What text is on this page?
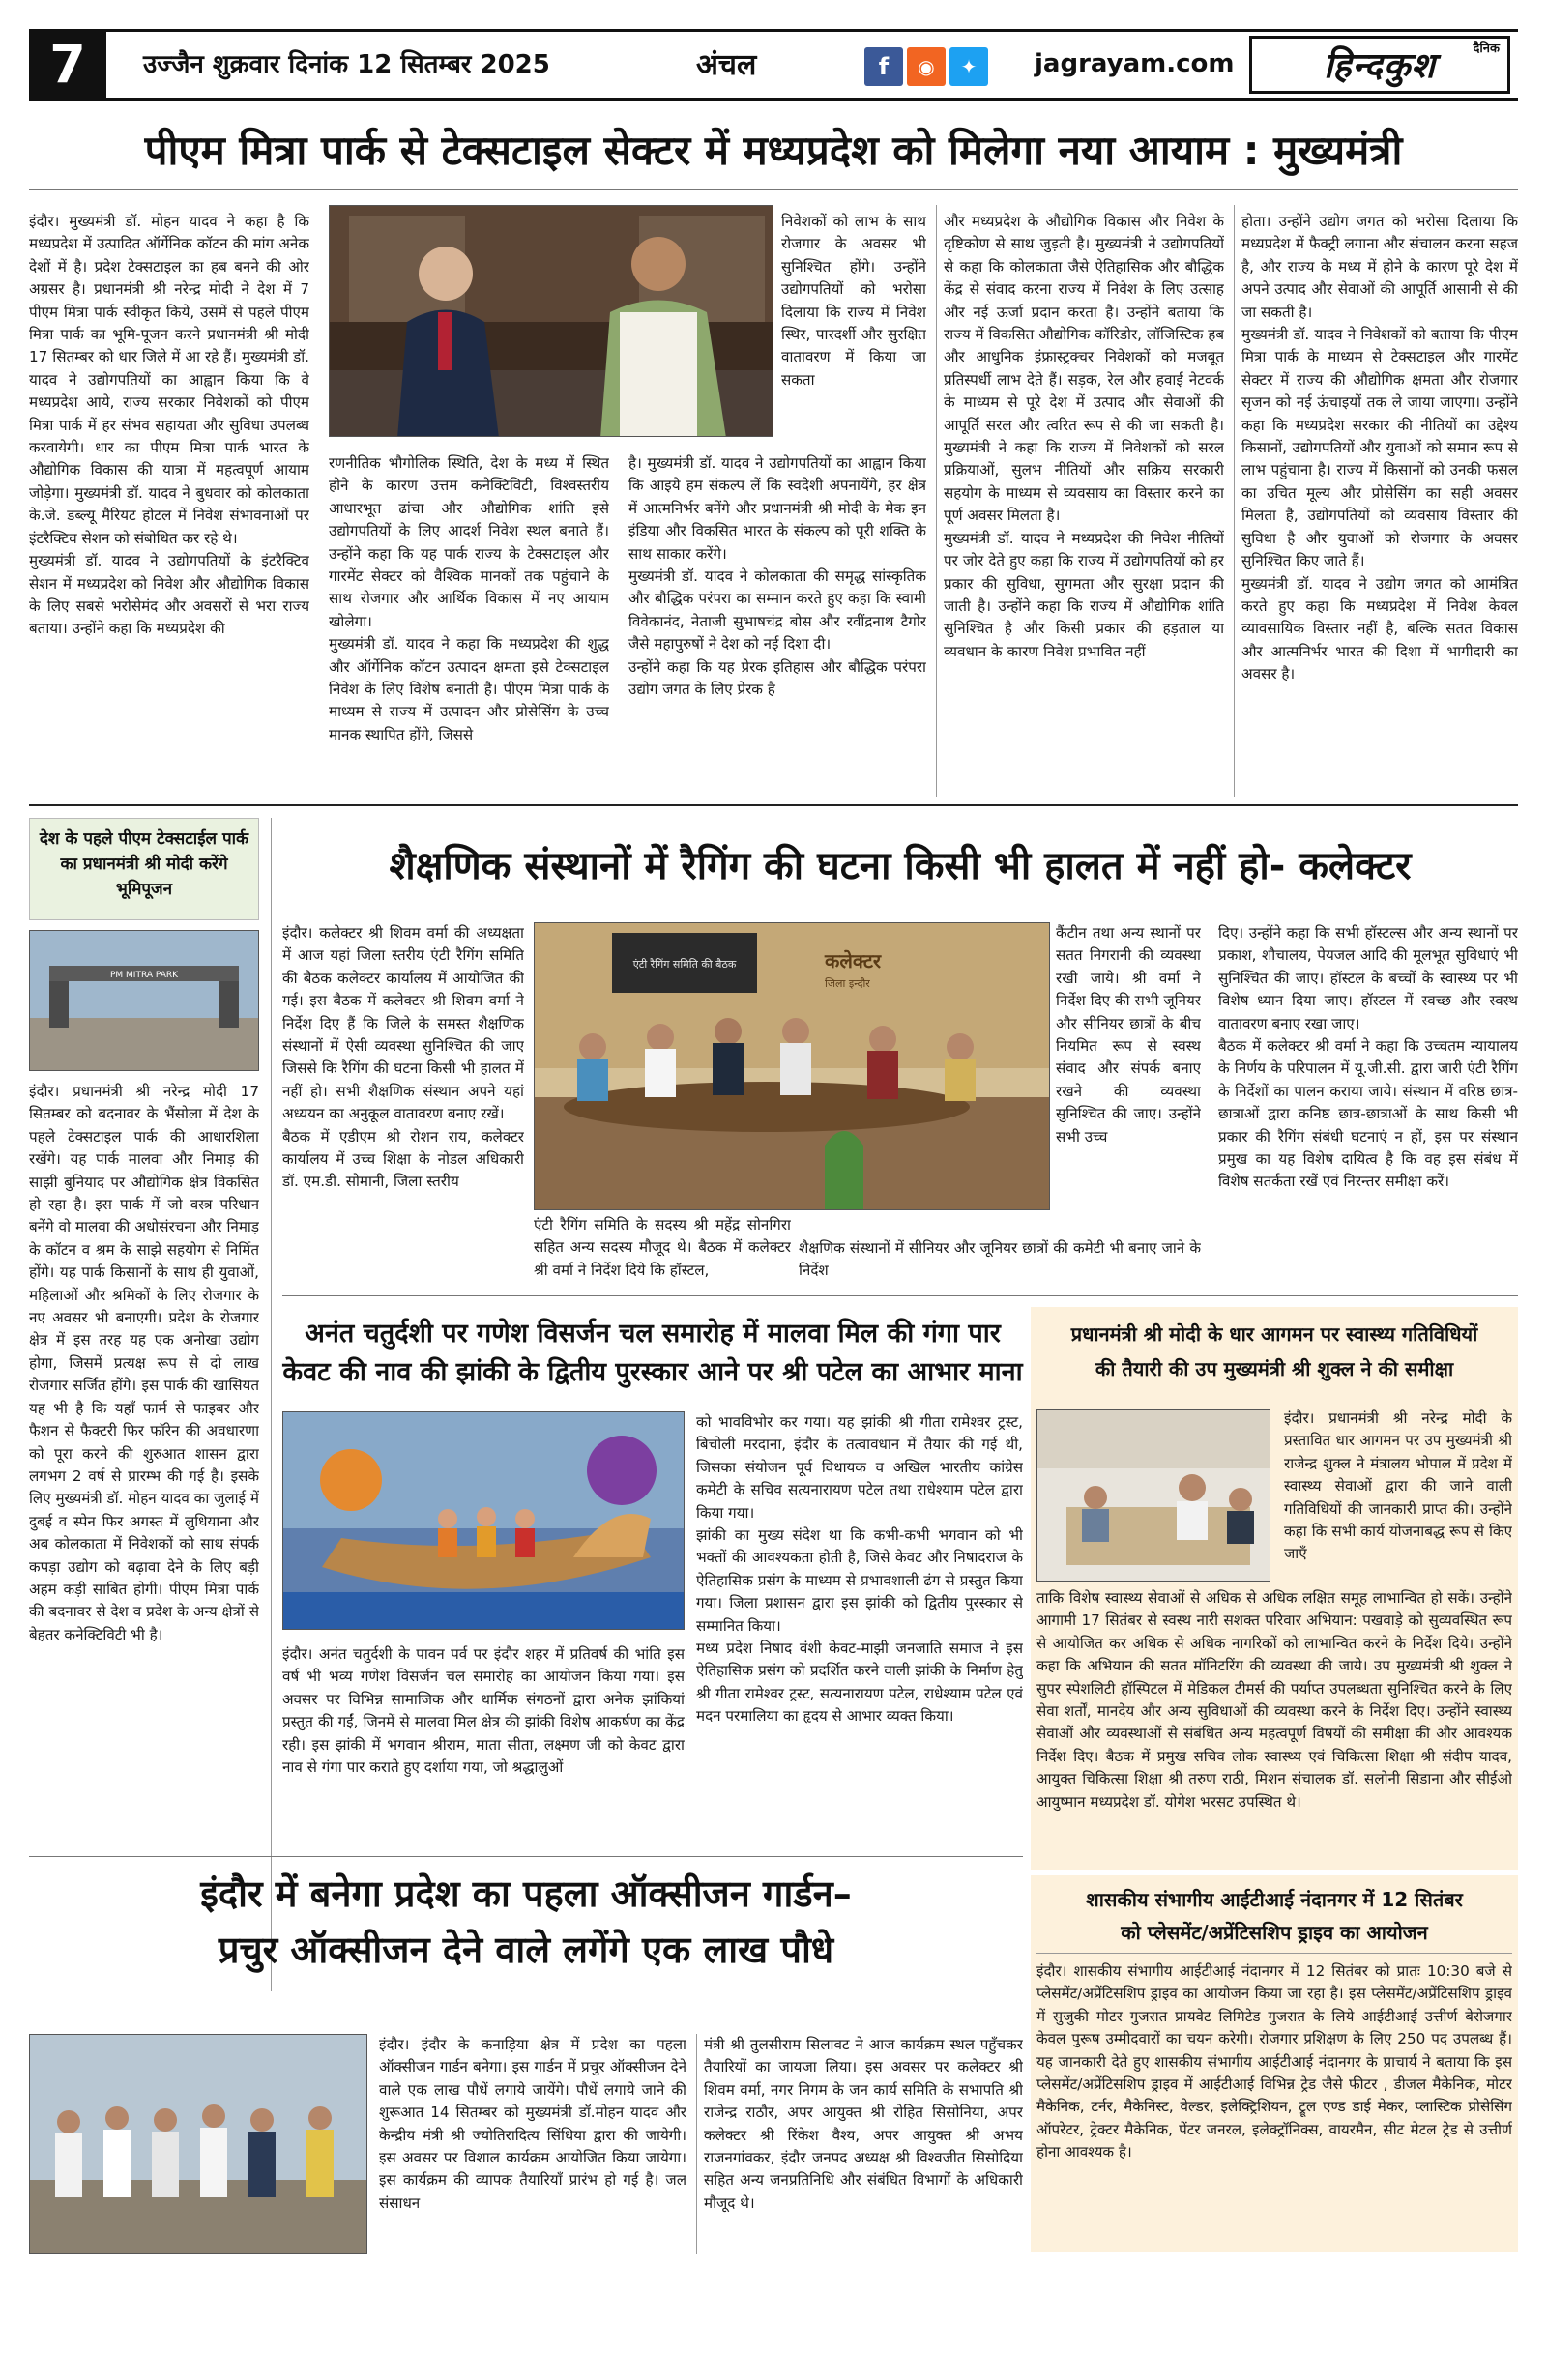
7	उज्जैन शुक्रवार दिनांक 12 सितम्बर 2025	अंचल	f	◉	✦	jagrayam.com
दैनिक
हिन्दकुश
पीएम मित्रा पार्क से टेक्सटाइल सेक्टर में मध्यप्रदेश को मिलेगा नया आयाम : मुख्यमंत्री
इंदौर। मुख्यमंत्री डॉ. मोहन यादव ने कहा है कि मध्यप्रदेश में उत्पादित ऑर्गेनिक कॉटन की मांग अनेक देशों में है। प्रदेश टेक्सटाइल का हब बनने की ओर अग्रसर है। प्रधानमंत्री श्री नरेन्द्र मोदी ने देश में 7 पीएम मित्रा पार्क स्वीकृत किये, उसमें से पहले पीएम मित्रा पार्क का भूमि-पूजन करने प्रधानमंत्री श्री मोदी 17 सितम्बर को धार जिले में आ रहे हैं। मुख्यमंत्री डॉ. यादव ने उद्योगपतियों का आह्वान किया कि वे मध्यप्रदेश आये, राज्य सरकार निवेशकों को पीएम मित्रा पार्क में हर संभव सहायता और सुविधा उपलब्ध करवायेगी। धार का पीएम मित्रा पार्क भारत के औद्योगिक विकास की यात्रा में महत्वपूर्ण आयाम जोड़ेगा। मुख्यमंत्री डॉ. यादव ने बुधवार को कोलकाता के.जे. डब्ल्यू मैरियट होटल में निवेश संभावनाओं पर इंटरैक्टिव सेशन को संबोधित कर रहे थे।
मुख्यमंत्री डॉ. यादव ने उद्योगपतियों के इंटरैक्टिव सेशन में मध्यप्रदेश को निवेश और औद्योगिक विकास के लिए सबसे भरोसेमंद और अवसरों से भरा राज्य बताया। उन्होंने कहा कि मध्यप्रदेश की
रणनीतिक भौगोलिक स्थिति, देश के मध्य में स्थित होने के कारण उत्तम कनेक्टिविटी, विश्वस्तरीय आधारभूत ढांचा और औद्योगिक शांति इसे उद्योगपतियों के लिए आदर्श निवेश स्थल बनाते हैं। उन्होंने कहा कि यह पार्क राज्य के टेक्सटाइल और गारमेंट सेक्टर को वैश्विक मानकों तक पहुंचाने के साथ रोजगार और आर्थिक विकास में नए आयाम खोलेगा।
मुख्यमंत्री डॉ. यादव ने कहा कि मध्यप्रदेश की शुद्ध और ऑर्गेनिक कॉटन उत्पादन क्षमता इसे टेक्सटाइल निवेश के लिए विशेष बनाती है। पीएम मित्रा पार्क के माध्यम से राज्य में उत्पादन और प्रोसेसिंग के उच्च मानक स्थापित होंगे, जिससे
निवेशकों को लाभ के साथ रोजगार के अवसर भी सुनिश्चित होंगे। उन्होंने उद्योगपतियों को भरोसा दिलाया कि राज्य में निवेश स्थिर, पारदर्शी और सुरक्षित वातावरण में किया जा सकता
है। मुख्यमंत्री डॉ. यादव ने उद्योगपतियों का आह्वान किया कि आइये हम संकल्प लें कि स्वदेशी अपनायेंगे, हर क्षेत्र में आत्मनिर्भर बनेंगे और प्रधानमंत्री श्री मोदी के मेक इन इंडिया और विकसित भारत के संकल्प को पूरी शक्ति के साथ साकार करेंगे।
मुख्यमंत्री डॉ. यादव ने कोलकाता की समृद्ध सांस्कृतिक और बौद्धिक परंपरा का सम्मान करते हुए कहा कि स्वामी विवेकानंद, नेताजी सुभाषचंद्र बोस और रवींद्रनाथ टैगोर जैसे महापुरुषों ने देश को नई दिशा दी।
उन्होंने कहा कि यह प्रेरक इतिहास और बौद्धिक परंपरा उद्योग जगत के लिए प्रेरक है
और मध्यप्रदेश के औद्योगिक विकास और निवेश के दृष्टिकोण से साथ जुड़ती है। मुख्यमंत्री ने उद्योगपतियों से कहा कि कोलकाता जैसे ऐतिहासिक और बौद्धिक केंद्र से संवाद करना राज्य में निवेश के लिए उत्साह और नई ऊर्जा प्रदान करता है। उन्होंने बताया कि राज्य में विकसित औद्योगिक कॉरिडोर, लॉजिस्टिक हब और आधुनिक इंफ्रास्ट्रक्चर निवेशकों को मजबूत प्रतिस्पर्धी लाभ देते हैं। सड़क, रेल और हवाई नेटवर्क के माध्यम से पूरे देश में उत्पाद और सेवाओं की आपूर्ति सरल और त्वरित रूप से की जा सकती है। मुख्यमंत्री ने कहा कि राज्य में निवेशकों को सरल प्रक्रियाओं, सुलभ नीतियों और सक्रिय सरकारी सहयोग के माध्यम से व्यवसाय का विस्तार करने का पूर्ण अवसर मिलता है।
मुख्यमंत्री डॉ. यादव ने मध्यप्रदेश की निवेश नीतियों पर जोर देते हुए कहा कि राज्य में उद्योगपतियों को हर प्रकार की सुविधा, सुगमता और सुरक्षा प्रदान की जाती है। उन्होंने कहा कि राज्य में औद्योगिक शांति सुनिश्चित है और किसी प्रकार की हड़ताल या व्यवधान के कारण निवेश प्रभावित नहीं
होता। उन्होंने उद्योग जगत को भरोसा दिलाया कि मध्यप्रदेश में फैक्ट्री लगाना और संचालन करना सहज है, और राज्य के मध्य में होने के कारण पूरे देश में अपने उत्पाद और सेवाओं की आपूर्ति आसानी से की जा सकती है।
मुख्यमंत्री डॉ. यादव ने निवेशकों को बताया कि पीएम मित्रा पार्क के माध्यम से टेक्सटाइल और गारमेंट सेक्टर में राज्य की औद्योगिक क्षमता और रोजगार सृजन को नई ऊंचाइयों तक ले जाया जाएगा। उन्होंने कहा कि मध्यप्रदेश सरकार की नीतियों का उद्देश्य किसानों, उद्योगपतियों और युवाओं को समान रूप से लाभ पहुंचाना है। राज्य में किसानों को उनकी फसल का उचित मूल्य और प्रोसेसिंग का सही अवसर मिलता है, उद्योगपतियों को व्यवसाय विस्तार की सुविधा है और युवाओं को रोजगार के अवसर सुनिश्चित किए जाते हैं।
मुख्यमंत्री डॉ. यादव ने उद्योग जगत को आमंत्रित करते हुए कहा कि मध्यप्रदेश में निवेश केवल व्यावसायिक विस्तार नहीं है, बल्कि सतत विकास और आत्मनिर्भर भारत की दिशा में भागीदारी का अवसर है।
देश के पहले पीएम टेक्सटाईल पार्क का प्रधानमंत्री श्री मोदी करेंगे भूमिपूजन
PM MITRA PARK
इंदौर। प्रधानमंत्री श्री नरेन्द्र मोदी 17 सितम्बर को बदनावर के भैंसोला में देश के पहले टेक्सटाइल पार्क की आधारशिला रखेंगे। यह पार्क मालवा और निमाड़ की साझी बुनियाद पर औद्योगिक क्षेत्र विकसित हो रहा है। इस पार्क में जो वस्त्र परिधान बनेंगे वो मालवा की अधोसंरचना और निमाड़ के कॉटन व श्रम के साझे सहयोग से निर्मित होंगे। यह पार्क किसानों के साथ ही युवाओं, महिलाओं और श्रमिकों के लिए रोजगार के नए अवसर भी बनाएगी। प्रदेश के रोजगार क्षेत्र में इस तरह यह एक अनोखा उद्योग होगा, जिसमें प्रत्यक्ष रूप से दो लाख रोजगार सर्जित होंगे। इस पार्क की खासियत यह भी है कि यहाँ फार्म से फाइबर और फैशन से फैक्टरी फिर फॉरेन की अवधारणा को पूरा करने की शुरुआत शासन द्वारा लगभग 2 वर्ष से प्रारम्भ की गई है। इसके लिए मुख्यमंत्री डॉ. मोहन यादव का जुलाई में दुबई व स्पेन फिर अगस्त में लुधियाना और अब कोलकाता में निवेशकों को साथ संपर्क कपड़ा उद्योग को बढ़ावा देने के लिए बड़ी अहम कड़ी साबित होगी। पीएम मित्रा पार्क की बदनावर से देश व प्रदेश के अन्य क्षेत्रों से बेहतर कनेक्टिविटी भी है।
शैक्षणिक संस्थानों में रैगिंग की घटना किसी भी हालत में नहीं हो- कलेक्टर
इंदौर। कलेक्टर श्री शिवम वर्मा की अध्यक्षता में आज यहां जिला स्तरीय एंटी रैगिंग समिति की बैठक कलेक्टर कार्यालय में आयोजित की गई। इस बैठक में कलेक्टर श्री शिवम वर्मा ने निर्देश दिए हैं कि जिले के समस्त शैक्षणिक संस्थानों में ऐसी व्यवस्था सुनिश्चित की जाए जिससे कि रैगिंग की घटना किसी भी हालत में नहीं हो। सभी शैक्षणिक संस्थान अपने यहां अध्ययन का अनुकूल वातावरण बनाए रखें।
बैठक में एडीएम श्री रोशन राय, कलेक्टर कार्यालय में उच्च शिक्षा के नोडल अधिकारी डॉ. एम.डी. सोमानी, जिला स्तरीय
एंटी रैगिंग समिति की बैठक	कलेक्टर
जिला इन्दौर
एंटी रैगिंग समिति के सदस्य श्री महेंद्र सोनगिरा सहित अन्य सदस्य मौजूद थे। बैठक में कलेक्टर श्री वर्मा ने निर्देश दिये कि हॉस्टल,
कैंटीन तथा अन्य स्थानों पर सतत निगरानी की व्यवस्था रखी जाये। श्री वर्मा ने निर्देश दिए की सभी जूनियर और सीनियर छात्रों के बीच नियमित रूप से स्वस्थ संवाद और संपर्क बनाए रखने की व्यवस्था सुनिश्चित की जाए। उन्होंने सभी उच्च
शैक्षणिक संस्थानों में सीनियर और जूनियर छात्रों की कमेटी भी बनाए जाने के निर्देश
दिए। उन्होंने कहा कि सभी हॉस्टल्स और अन्य स्थानों पर प्रकाश, शौचालय, पेयजल आदि की मूलभूत सुविधाएं भी सुनिश्चित की जाए। हॉस्टल के बच्चों के स्वास्थ्य पर भी विशेष ध्यान दिया जाए। हॉस्टल में स्वच्छ और स्वस्थ वातावरण बनाए रखा जाए।
बैठक में कलेक्टर श्री वर्मा ने कहा कि उच्चतम न्यायालय के निर्णय के परिपालन में यू.जी.सी. द्वारा जारी एंटी रैगिंग के निर्देशों का पालन कराया जाये। संस्थान में वरिष्ठ छात्र-छात्राओं द्वारा कनिष्ठ छात्र-छात्राओं के साथ किसी भी प्रकार की रैगिंग संबंधी घटनाएं न हों, इस पर संस्थान प्रमुख का यह विशेष दायित्व है कि वह इस संबंध में विशेष सतर्कता रखें एवं निरन्तर समीक्षा करें।
अनंत चतुर्दशी पर गणेश विसर्जन चल समारोह में मालवा मिल की गंगा पार
केवट की नाव की झांकी के द्वितीय पुरस्कार आने पर श्री पटेल का आभार माना
इंदौर। अनंत चतुर्दशी के पावन पर्व पर इंदौर शहर में प्रतिवर्ष की भांति इस वर्ष भी भव्य गणेश विसर्जन चल समारोह का आयोजन किया गया। इस अवसर पर विभिन्न सामाजिक और धार्मिक संगठनों द्वारा अनेक झांकियां प्रस्तुत की गईं, जिनमें से मालवा मिल क्षेत्र की झांकी विशेष आकर्षण का केंद्र रही। इस झांकी में भगवान श्रीराम, माता सीता, लक्ष्मण जी को केवट द्वारा नाव से गंगा पार कराते हुए दर्शाया गया, जो श्रद्धालुओं
को भावविभोर कर गया। यह झांकी श्री गीता रामेश्वर ट्रस्ट, बिचोली मरदाना, इंदौर के तत्वावधान में तैयार की गई थी, जिसका संयोजन पूर्व विधायक व अखिल भारतीय कांग्रेस कमेटी के सचिव सत्यनारायण पटेल तथा राधेश्याम पटेल द्वारा किया गया।
झांकी का मुख्य संदेश था कि कभी-कभी भगवान को भी भक्तों की आवश्यकता होती है, जिसे केवट और निषादराज के ऐतिहासिक प्रसंग के माध्यम से प्रभावशाली ढंग से प्रस्तुत किया गया। जिला प्रशासन द्वारा इस झांकी को द्वितीय पुरस्कार से सम्मानित किया।
मध्य प्रदेश निषाद वंशी केवट-माझी जनजाति समाज ने इस ऐतिहासिक प्रसंग को प्रदर्शित करने वाली झांकी के निर्माण हेतु श्री गीता रामेश्वर ट्रस्ट, सत्यनारायण पटेल, राधेश्याम पटेल एवं मदन परमालिया का हृदय से आभार व्यक्त किया।
प्रधानमंत्री श्री मोदी के धार आगमन पर स्वास्थ्य गतिविधियों
की तैयारी की उप मुख्यमंत्री श्री शुक्ल ने की समीक्षा
इंदौर। प्रधानमंत्री श्री नरेन्द्र मोदी के प्रस्तावित धार आगमन पर उप मुख्यमंत्री श्री राजेन्द्र शुक्ल ने मंत्रालय भोपाल में प्रदेश में स्वास्थ्य सेवाओं द्वारा की जाने वाली गतिविधियों की जानकारी प्राप्त की। उन्होंने कहा कि सभी कार्य योजनाबद्ध रूप से किए जाएँ
ताकि विशेष स्वास्थ्य सेवाओं से अधिक से अधिक लक्षित समूह लाभान्वित हो सकें। उन्होंने आगामी 17 सितंबर से स्वस्थ नारी सशक्त परिवार अभियान: पखवाड़े को सुव्यवस्थित रूप से आयोजित कर अधिक से अधिक नागरिकों को लाभान्वित करने के निर्देश दिये। उन्होंने कहा कि अभियान की सतत मॉनिटरिंग की व्यवस्था की जाये। उप मुख्यमंत्री श्री शुक्ल ने सुपर स्पेशलिटी हॉस्पिटल में मेडिकल टीमर्स की पर्याप्त उपलब्धता सुनिश्चित करने के लिए सेवा शर्तों, मानदेय और अन्य सुविधाओं की व्यवस्था करने के निर्देश दिए। उन्होंने स्वास्थ्य सेवाओं और व्यवस्थाओं से संबंधित अन्य महत्वपूर्ण विषयों की समीक्षा की और आवश्यक निर्देश दिए। बैठक में प्रमुख सचिव लोक स्वास्थ्य एवं चिकित्सा शिक्षा श्री संदीप यादव, आयुक्त चिकित्सा शिक्षा श्री तरुण राठी, मिशन संचालक डॉ. सलोनी सिडाना और सीईओ आयुष्मान मध्यप्रदेश डॉ. योगेश भरसट उपस्थित थे।
शासकीय संभागीय आईटीआई नंदानगर में 12 सितंबर
को प्लेसमेंट/अप्रेंटिसशिप ड्राइव का आयोजन
इंदौर। शासकीय संभागीय आईटीआई नंदानगर में 12 सितंबर को प्रातः 10:30 बजे से प्लेसमेंट/अप्रेंटिसशिप ड्राइव का आयोजन किया जा रहा है। इस प्लेसमेंट/अप्रेंटिसशिप ड्राइव में सुजुकी मोटर गुजरात प्रायवेट लिमिटेड गुजरात के लिये आईटीआई उत्तीर्ण बेरोजगार केवल पुरूष उम्मीदवारों का चयन करेगी। रोजगार प्रशिक्षण के लिए 250 पद उपलब्ध हैं। यह जानकारी देते हुए शासकीय संभागीय आईटीआई नंदानगर के प्राचार्य ने बताया कि इस प्लेसमेंट/अप्रेंटिसशिप ड्राइव में आईटीआई विभिन्न ट्रेड जैसे फीटर , डीजल मैकेनिक, मोटर मैकेनिक, टर्नर, मैकेनिस्ट, वेल्डर, इलेक्ट्रिशियन, ट्रूल एण्ड डाई मेकर, प्लास्टिक प्रोसेसिंग ऑपरेटर, ट्रेक्टर मैकेनिक, पेंटर जनरल, इलेक्ट्रॉनिक्स, वायरमैन, सीट मेटल ट्रेड से उत्तीर्ण होना आवश्यक है।
इंदौर में बनेगा प्रदेश का पहला ऑक्सीजन गार्डन–
प्रचुर ऑक्सीजन देने वाले लगेंगे एक लाख पौधे
इंदौर। इंदौर के कनाड़िया क्षेत्र में प्रदेश का पहला ऑक्सीजन गार्डन बनेगा। इस गार्डन में प्रचुर ऑक्सीजन देने वाले एक लाख पौधें लगाये जायेंगे। पौधें लगाये जाने की शुरूआत 14 सितम्बर को मुख्यमंत्री डॉ.मोहन यादव और केन्द्रीय मंत्री श्री ज्योतिरादित्य सिंधिया द्वारा की जायेगी। इस अवसर पर विशाल कार्यक्रम आयोजित किया जायेगा। इस कार्यक्रम की व्यापक तैयारियाँ प्रारंभ हो गई है। जल संसाधन
मंत्री श्री तुलसीराम सिलावट ने आज कार्यक्रम स्थल पहुँचकर तैयारियों का जायजा लिया। इस अवसर पर कलेक्टर श्री शिवम वर्मा, नगर निगम के जन कार्य समिति के सभापति श्री राजेन्द्र राठौर, अपर आयुक्त श्री रोहित सिसोनिया, अपर कलेक्टर श्री रिंकेश वैश्य, अपर आयुक्त श्री अभय राजनगांवकर, इंदौर जनपद अध्यक्ष श्री विश्वजीत सिसोदिया सहित अन्य जनप्रतिनिधि और संबंधित विभागों के अधिकारी मौजूद थे।
